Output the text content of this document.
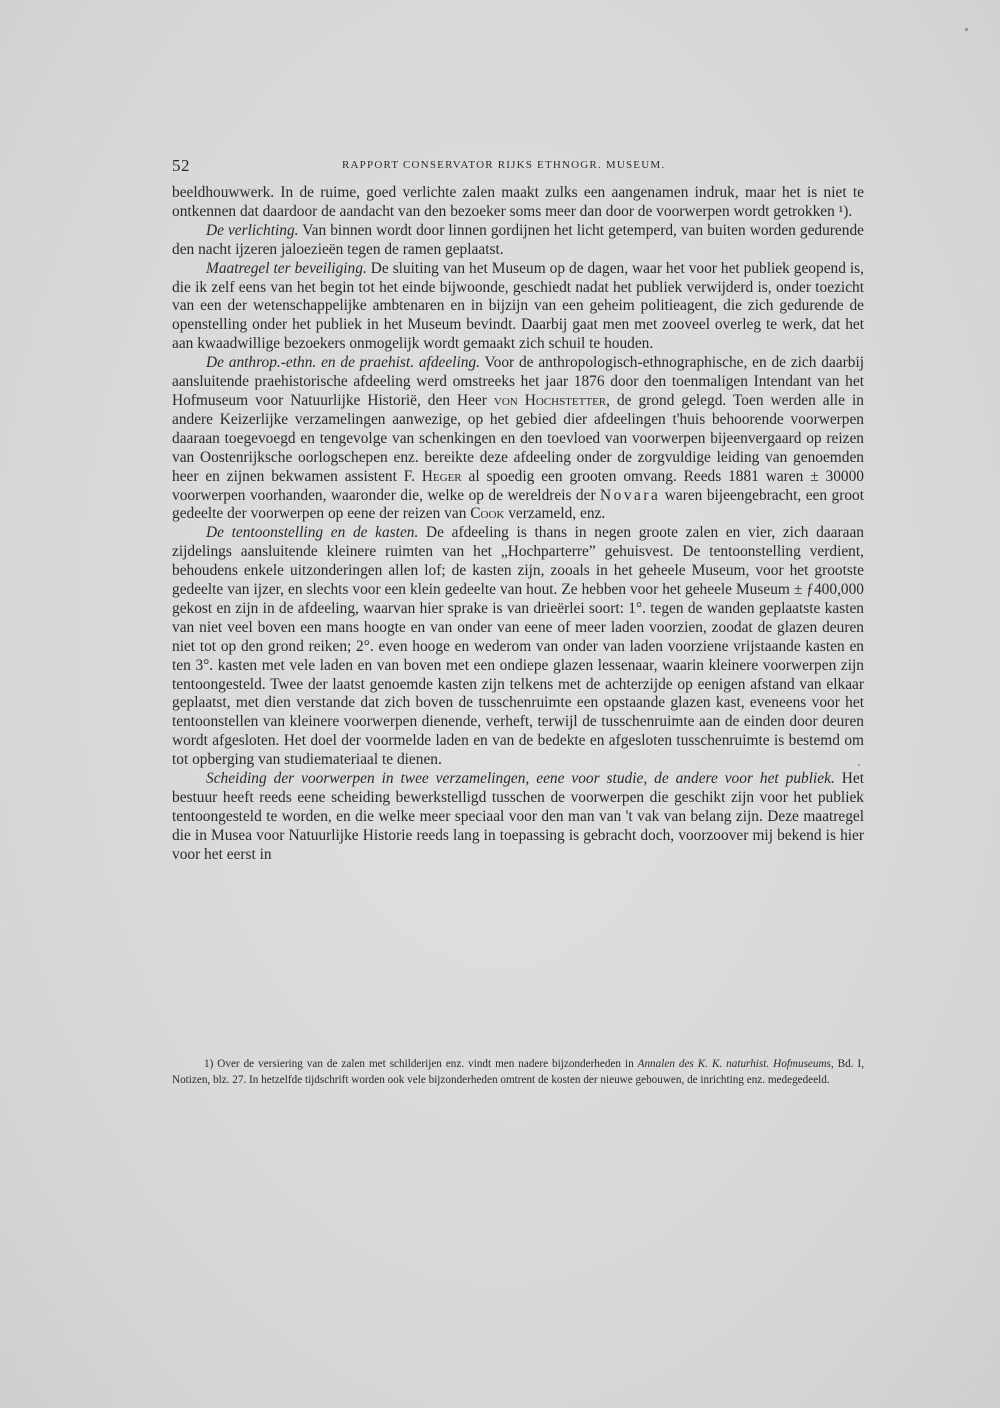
52	RAPPORT CONSERVATOR RIJKS ETHNOGR. MUSEUM.

beeldhouwwerk. In de ruime, goed verlichte zalen maakt zulks een aangenamen indruk, maar het is niet te ontkennen dat daardoor de aandacht van den bezoeker soms meer dan door de voorwerpen wordt getrokken ¹).

De verlichting. Van binnen wordt door linnen gordijnen het licht getemperd, van buiten worden gedurende den nacht ijzeren jaloezieën tegen de ramen geplaatst.

Maatregel ter beveiliging. De sluiting van het Museum op de dagen, waar het voor het publiek geopend is, die ik zelf eens van het begin tot het einde bijwoonde, geschiedt nadat het publiek verwijderd is, onder toezicht van een der wetenschappelijke ambtenaren en in bijzijn van een geheim politieagent, die zich gedurende de openstelling onder het publiek in het Museum bevindt. Daarbij gaat men met zooveel overleg te werk, dat het aan kwaadwillige bezoekers onmogelijk wordt gemaakt zich schuil te houden.

De anthrop.-ethn. en de praehist. afdeeling. Voor de anthropologisch-ethnographische, en de zich daarbij aansluitende praehistorische afdeeling werd omstreeks het jaar 1876 door den toenmaligen Intendant van het Hofmuseum voor Natuurlijke Historië, den Heer von Hochstetter, de grond gelegd. Toen werden alle in andere Keizerlijke verzamelingen aanwezige, op het gebied dier afdeelingen t'huis behoorende voorwerpen daaraan toegevoegd en tengevolge van schenkingen en den toevloed van voorwerpen bijeenvergaard op reizen van Oostenrijksche oorlogschepen enz. bereikte deze afdeeling onder de zorgvuldige leiding van genoemden heer en zijnen bekwamen assistent F. Heger al spoedig een grooten omvang. Reeds 1881 waren ± 30000 voorwerpen voorhanden, waaronder die, welke op de wereldreis der Novara waren bijeengebracht, een groot gedeelte der voorwerpen op eene der reizen van Cook verzameld, enz.

De tentoonstelling en de kasten. De afdeeling is thans in negen groote zalen en vier, zich daaraan zijdelings aansluitende kleinere ruimten van het „Hochparterre” gehuisvest. De tentoonstelling verdient, behoudens enkele uitzonderingen allen lof; de kasten zijn, zooals in het geheele Museum, voor het grootste gedeelte van ijzer, en slechts voor een klein gedeelte van hout. Ze hebben voor het geheele Museum ± ƒ400,000 gekost en zijn in de afdeeling, waarvan hier sprake is van drieërlei soort: 1°. tegen de wanden geplaatste kasten van niet veel boven een mans hoogte en van onder van eene of meer laden voorzien, zoodat de glazen deuren niet tot op den grond reiken; 2°. even hooge en wederom van onder van laden voorziene vrijstaande kasten en ten 3°. kasten met vele laden en van boven met een ondiepe glazen lessenaar, waarin kleinere voorwerpen zijn tentoongesteld. Twee der laatst genoemde kasten zijn telkens met de achterzijde op eenigen afstand van elkaar geplaatst, met dien verstande dat zich boven de tusschenruimte een opstaande glazen kast, eveneens voor het tentoonstellen van kleinere voorwerpen dienende, verheft, terwijl de tusschenruimte aan de einden door deuren wordt afgesloten. Het doel der voormelde laden en van de bedekte en afgesloten tusschenruimte is bestemd om tot opberging van studiemateriaal te dienen.

Scheiding der voorwerpen in twee verzamelingen, eene voor studie, de andere voor het publiek. Het bestuur heeft reeds eene scheiding bewerkstelligd tusschen de voorwerpen die geschikt zijn voor het publiek tentoongesteld te worden, en die welke meer speciaal voor den man van 't vak van belang zijn. Deze maatregel die in Musea voor Natuurlijke Historie reeds lang in toepassing is gebracht doch, voorzoover mij bekend is hier voor het eerst in

1) Over de versiering van de zalen met schilderijen enz. vindt men nadere bijzonderheden in Annalen des K. K. naturhist. Hofmuseums, Bd. I, Notizen, blz. 27. In hetzelfde tijdschrift worden ook vele bijzonderheden omtrent de kosten der nieuwe gebouwen, de inrichting enz. medegedeeld.
